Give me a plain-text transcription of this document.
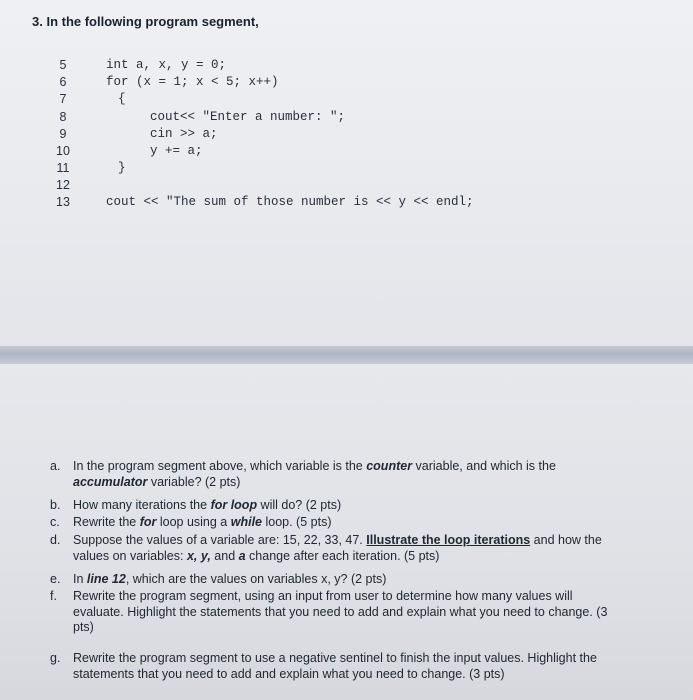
3. In the following program segment,
5
6
7
8
9
10
11
12
13
int a, x, y = 0;
for (x = 1; x < 5; x++)
{
cout<< "Enter a number: ";
cin >> a;
y += a;
}
cout << "The sum of those number is << y << endl;
a.	In the program segment above, which variable is the counter variable, and which is the accumulator variable? (2 pts)
b.	How many iterations the for loop will do? (2 pts)
c.	Rewrite the for loop using a while loop. (5 pts)
d.	Suppose the values of a variable are: 15, 22, 33, 47. Illustrate the loop iterations and how the values on variables: x, y, and a change after each iteration. (5 pts)
e.	In line 12, which are the values on variables x, y? (2 pts)
f.	Rewrite the program segment, using an input from user to determine how many values will evaluate. Highlight the statements that you need to add and explain what you need to change. (3 pts)
g.	Rewrite the program segment to use a negative sentinel to finish the input values. Highlight the statements that you need to add and explain what you need to change. (3 pts)
